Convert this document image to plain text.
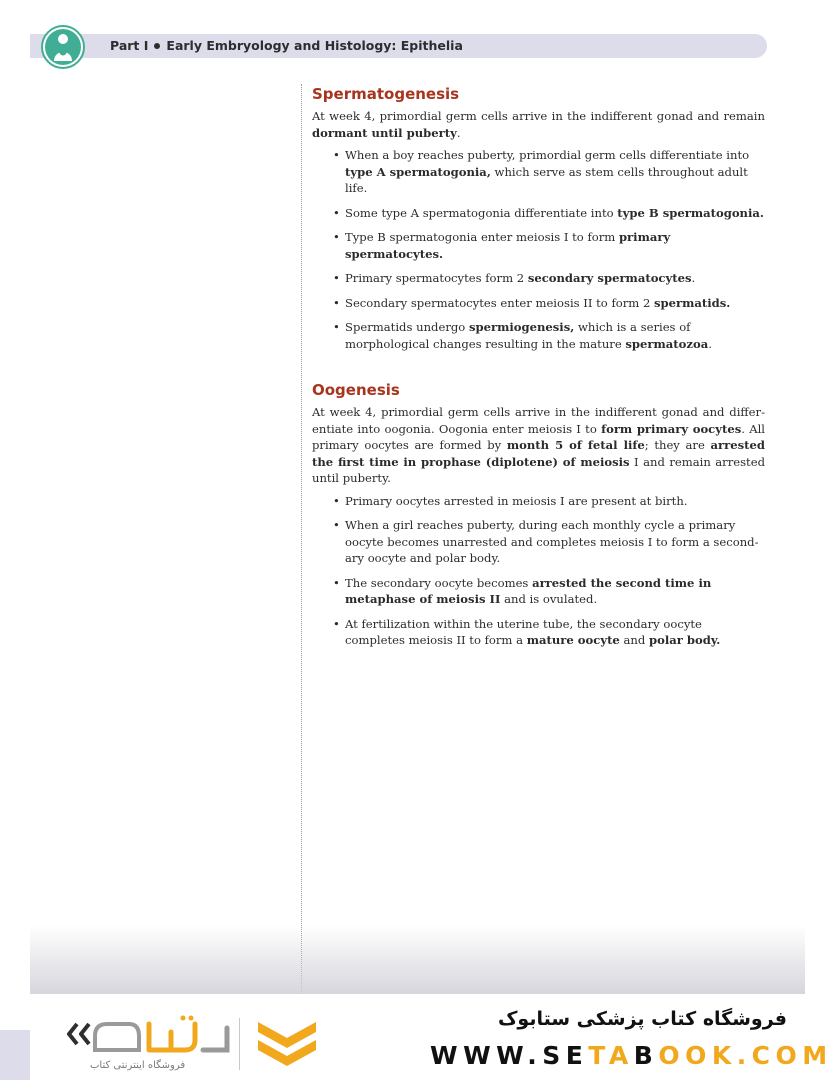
Part I Early Embryology and Histology: Epithelia
Spermatogenesis

At week 4, primordial germ cells arrive in the indifferent gonad and remain dormant until puberty.

• When a boy reaches puberty, primordial germ cells differentiate into type A spermatogonia, which serve as stem cells throughout adult life.
• Some type A spermatogonia differentiate into type B spermatogonia.
• Type B spermatogonia enter meiosis I to form primary spermatocytes.
• Primary spermatocytes form 2 secondary spermatocytes.
• Secondary spermatocytes enter meiosis II to form 2 spermatids.
• Spermatids undergo spermiogenesis, which is a series of morphological changes resulting in the mature spermatozoa.
Oogenesis

At week 4, primordial germ cells arrive in the indifferent gonad and differentiate into oogonia. Oogonia enter meiosis I to form primary oocytes. All primary oocytes are formed by month 5 of fetal life; they are arrested the first time in prophase (diplotene) of meiosis I and remain arrested until puberty.

• Primary oocytes arrested in meiosis I are present at birth.
• When a girl reaches puberty, during each monthly cycle a primary oocyte becomes unarrested and completes meiosis I to form a secondary oocyte and polar body.
• The secondary oocyte becomes arrested the second time in metaphase of meiosis II and is ovulated.
• At fertilization within the uterine tube, the secondary oocyte completes meiosis II to form a mature oocyte and polar body.
فروشگاه اینترنتی کتاب
فروشگاه کتاب پزشکی ستابوک
WWW.SETABOOK.COM
